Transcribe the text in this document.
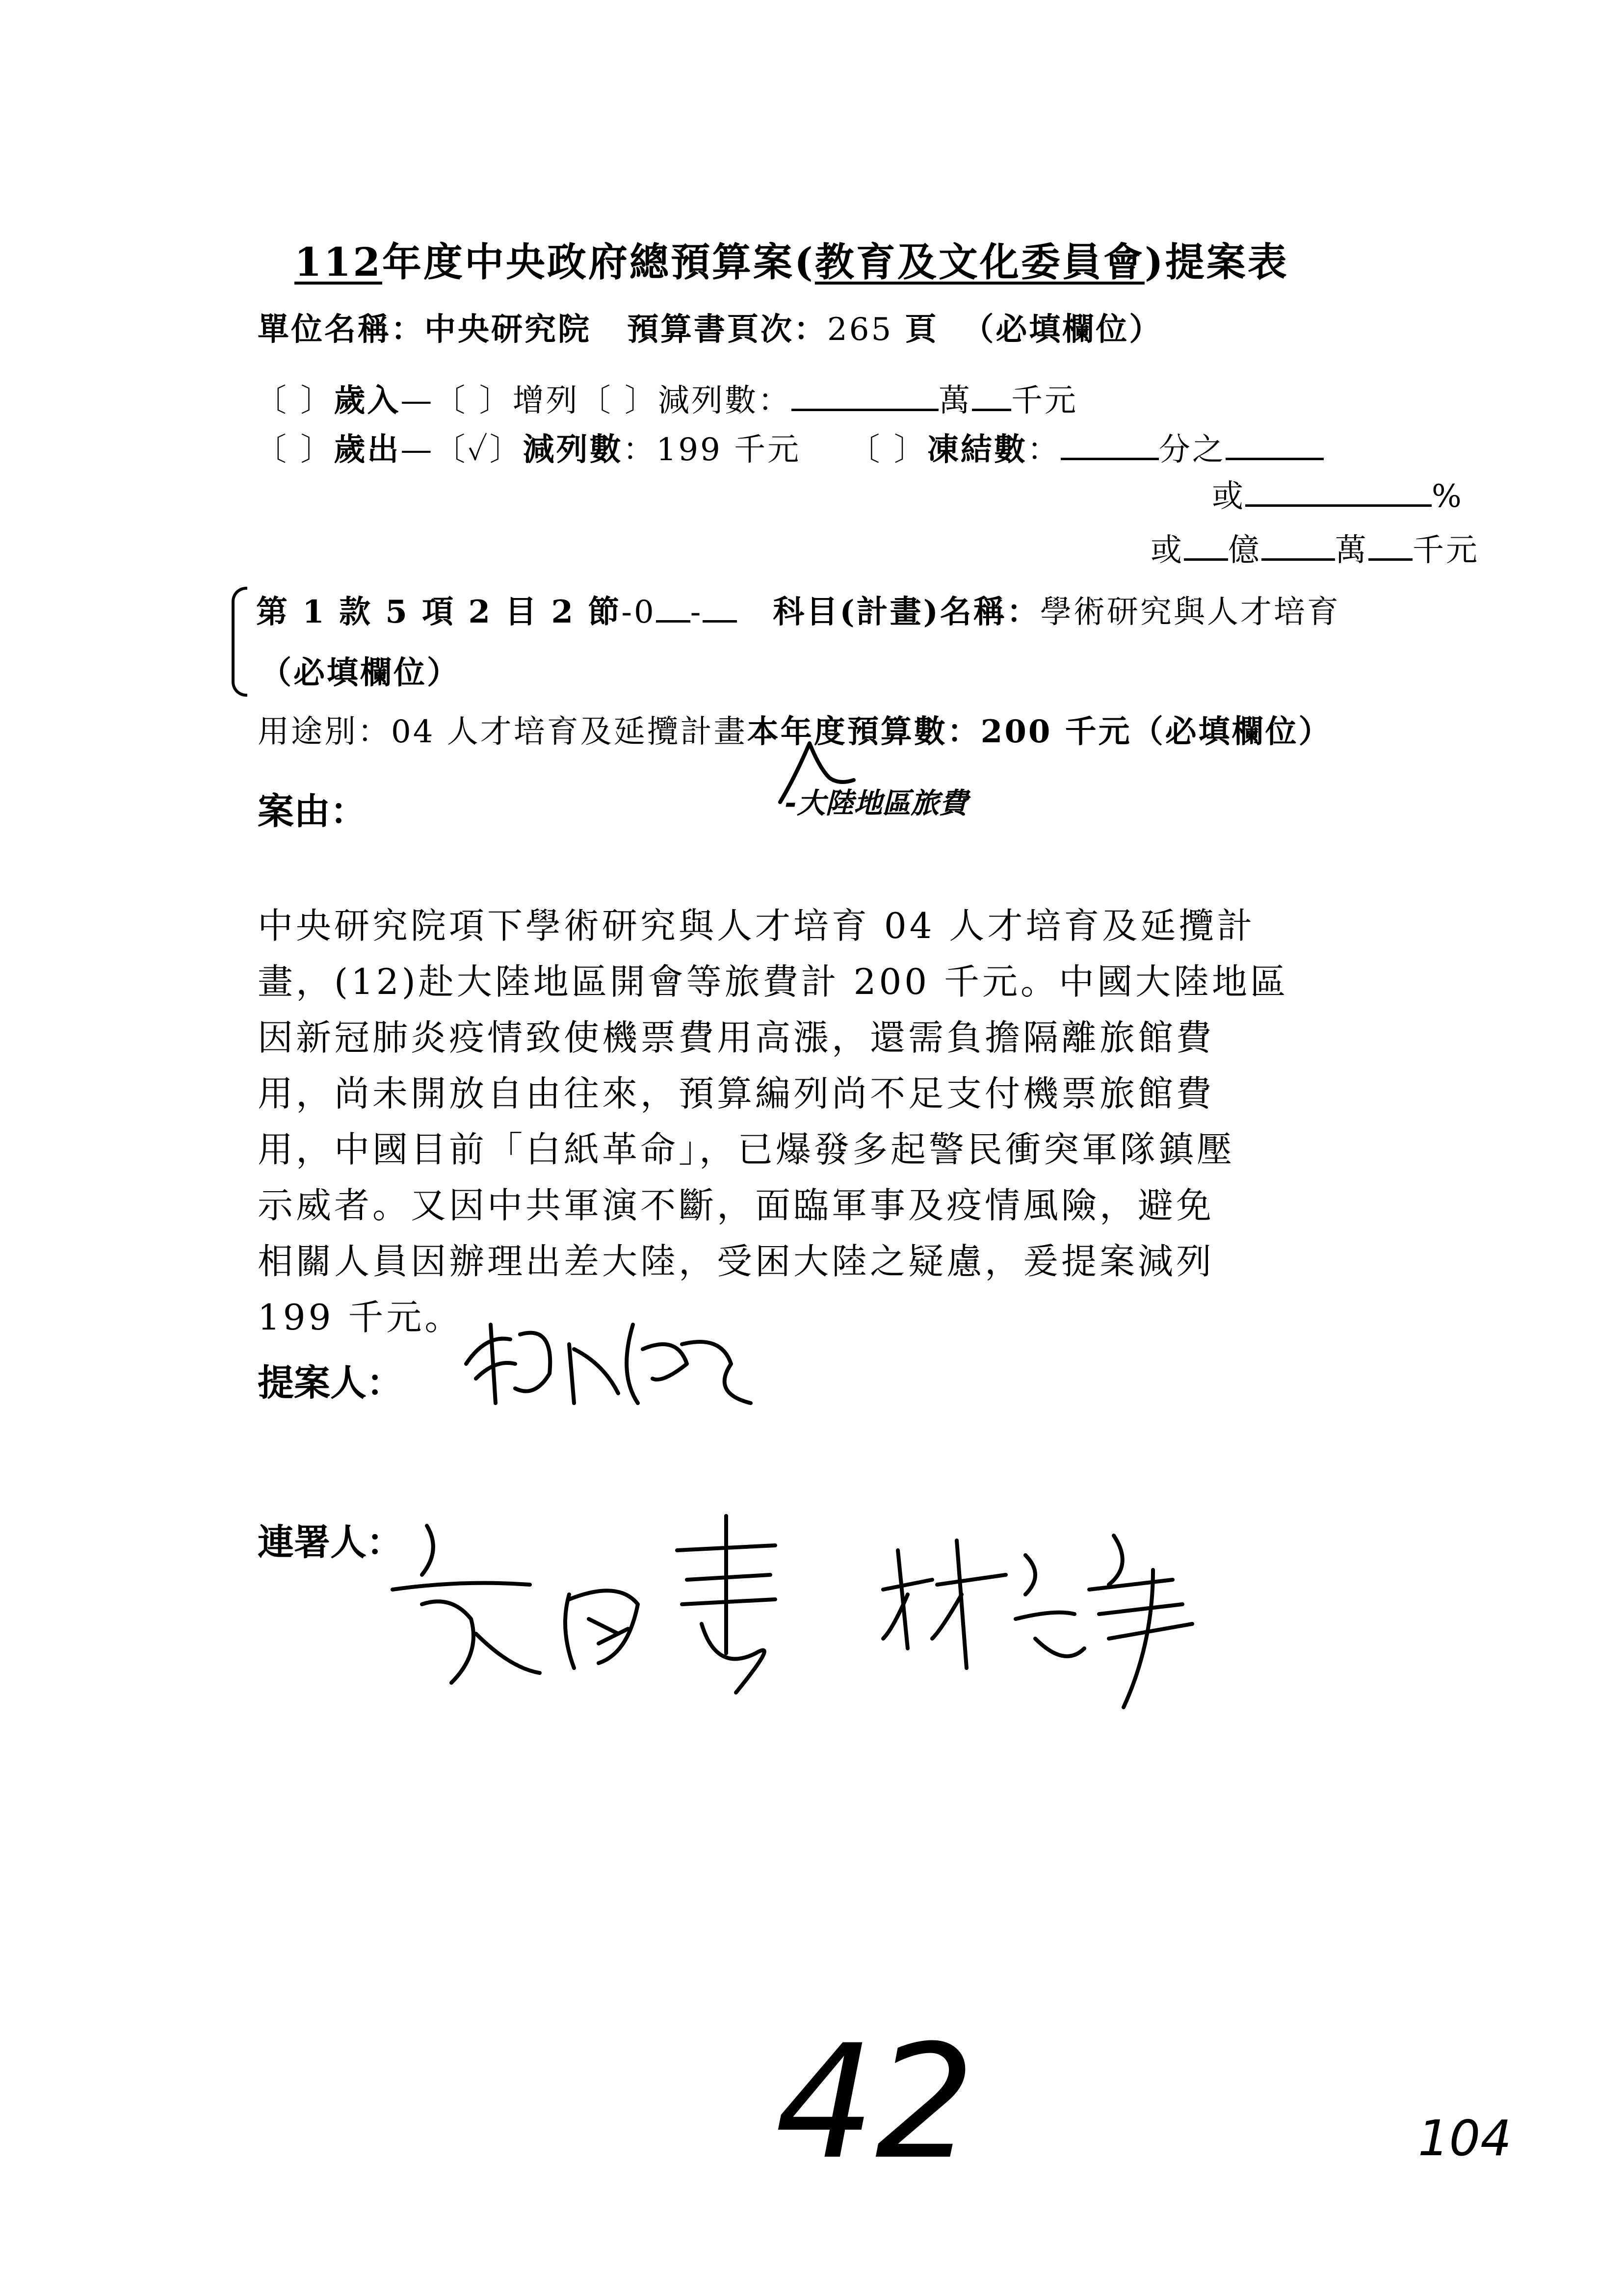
112年度中央政府總預算案(教育及文化委員會)提案表
單位名稱：中央研究院 預算書頁次：265 頁 （必填欄位）
〔 〕歲入—〔 〕增列〔 〕減列數：	萬 千元
〔 〕歲出—〔✓〕減列數：199 千元 〔 〕凍結數：	分之
或	%
或 億 萬 千元
第 1 款 5 項 2 目 2 節-0 - 科目(計畫)名稱：學術研究與人才培育
（必填欄位）
用途別：04 人才培育及延攬計畫本年度預算數：200 千元（必填欄位）
-大陸地區旅費
案由：
中央研究院項下學術研究與人才培育 04 人才培育及延攬計
畫，(12)赴大陸地區開會等旅費計 200 千元。中國大陸地區
因新冠肺炎疫情致使機票費用高漲，還需負擔隔離旅館費
用，尚未開放自由往來，預算編列尚不足支付機票旅館費
用，中國目前「白紙革命」，已爆發多起警民衝突軍隊鎮壓
示威者。又因中共軍演不斷，面臨軍事及疫情風險，避免
相關人員因辦理出差大陸，受困大陸之疑慮，爰提案減列
199 千元。
提案人：
連署人：
42	104
